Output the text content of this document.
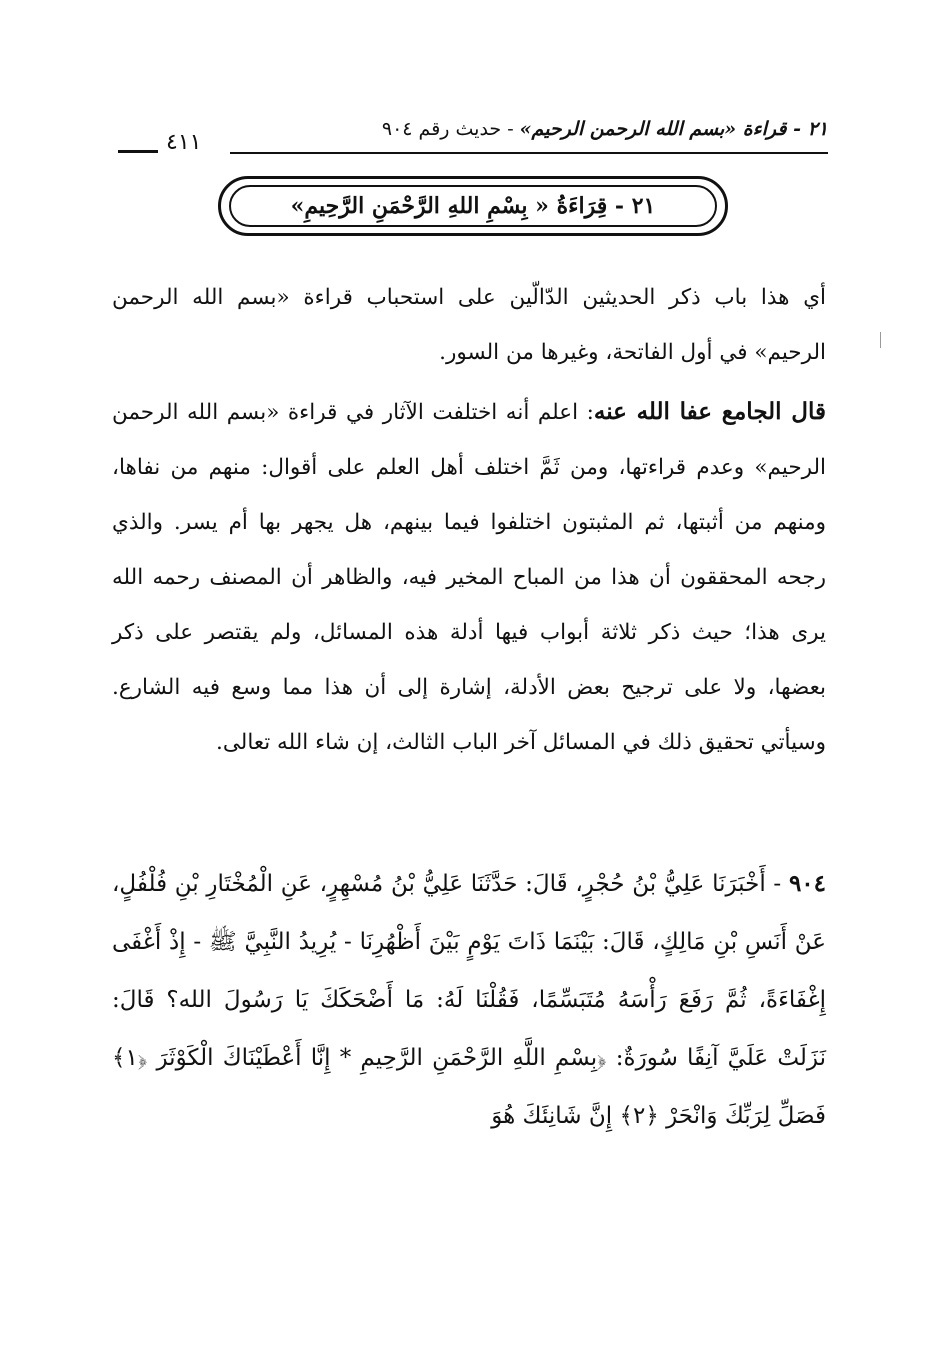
٤١١
٢١ - قراءة «بسم الله الرحمن الرحيم» - حديث رقم ٩٠٤
٢١ - قِرَاءَةُ « بِسْمِ اللهِ الرَّحْمَنِ الرَّحِيمِ»

أي هذا باب ذكر الحديثين الدّالّين على استحباب قراءة «بسم الله الرحمن الرحيم» في أول الفاتحة، وغيرها من السور.

قال الجامع عفا الله عنه: اعلم أنه اختلفت الآثار في قراءة «بسم الله الرحمن الرحيم» وعدم قراءتها، ومن ثَمَّ اختلف أهل العلم على أقوال: منهم من نفاها، ومنهم من أثبتها، ثم المثبتون اختلفوا فيما بينهم، هل يجهر بها أم يسر. والذي رجحه المحققون أن هذا من المباح المخير فيه، والظاهر أن المصنف رحمه الله يرى هذا؛ حيث ذكر ثلاثة أبواب فيها أدلة هذه المسائل، ولم يقتصر على ذكر بعضها، ولا على ترجيح بعض الأدلة، إشارة إلى أن هذا مما وسع فيه الشارع. وسيأتي تحقيق ذلك في المسائل آخر الباب الثالث، إن شاء الله تعالى.

٩٠٤ - أَخْبَرَنَا عَلِيُّ بْنُ حُجْرٍ، قَالَ: حَدَّثَنَا عَلِيُّ بْنُ مُسْهِرٍ، عَنِ الْمُخْتَارِ بْنِ فُلْفُلٍ، عَنْ أَنَسِ بْنِ مَالِكٍ، قَالَ: بَيْنَمَا ذَاتَ يَوْمٍ بَيْنَ أَظْهُرِنَا - يُرِيدُ النَّبِيَّ ﷺ - إِذْ أَغْفَى إِغْفَاءَةً، ثُمَّ رَفَعَ رَأْسَهُ مُتَبَسِّمًا، فَقُلْنَا لَهُ: مَا أَضْحَكَكَ يَا رَسُولَ الله؟ قَالَ: نَزَلَتْ عَلَيَّ آنِفًا سُورَةٌ: ﴿بِسْمِ اللَّهِ الرَّحْمَنِ الرَّحِيمِ * إِنَّا أَعْطَيْنَاكَ الْكَوْثَرَ ﴿١﴾ فَصَلِّ لِرَبِّكَ وَانْحَرْ ﴿٢﴾ إِنَّ شَانِئَكَ هُوَ
